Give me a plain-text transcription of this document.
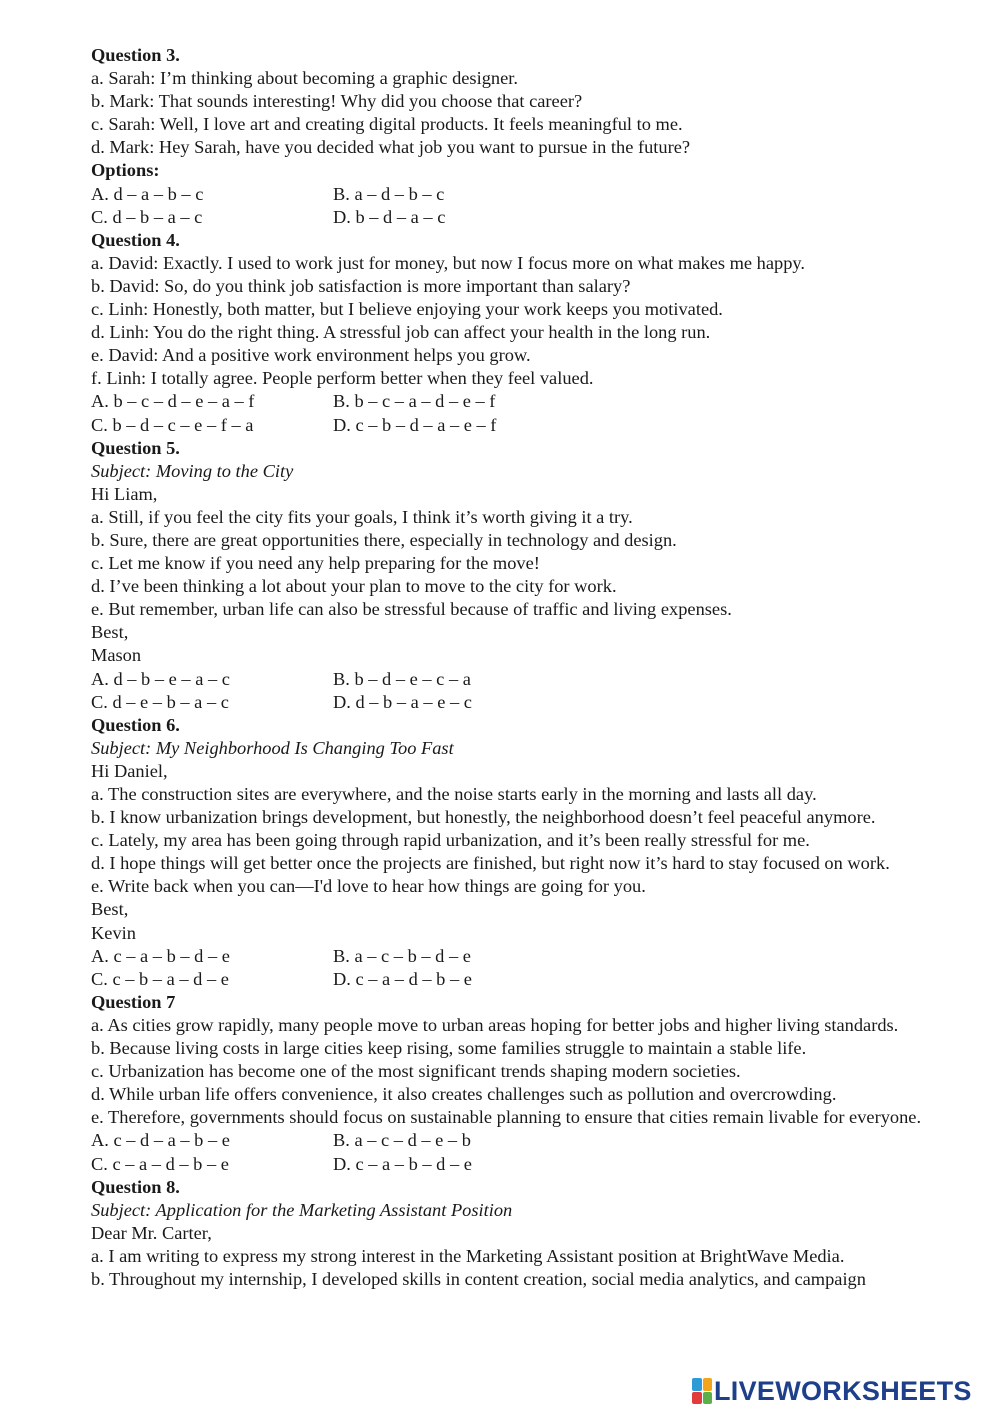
Question 3.
a. Sarah: I’m thinking about becoming a graphic designer.
b. Mark: That sounds interesting! Why did you choose that career?
c. Sarah: Well, I love art and creating digital products. It feels meaningful to me.
d. Mark: Hey Sarah, have you decided what job you want to pursue in the future?
Options:
A. d – a – b – c	B. a – d – b – c
C. d – b – a – c	D. b – d – a – c
Question 4.
a. David: Exactly. I used to work just for money, but now I focus more on what makes me happy.
b. David: So, do you think job satisfaction is more important than salary?
c. Linh: Honestly, both matter, but I believe enjoying your work keeps you motivated.
d. Linh: You do the right thing. A stressful job can affect your health in the long run.
e. David: And a positive work environment helps you grow.
f. Linh: I totally agree. People perform better when they feel valued.
A. b – c – d – e – a – f	B. b – c – a – d – e – f
C. b – d – c – e – f – a	D. c – b – d – a – e – f
Question 5.
Subject: Moving to the City
Hi Liam,
a. Still, if you feel the city fits your goals, I think it’s worth giving it a try.
b. Sure, there are great opportunities there, especially in technology and design.
c. Let me know if you need any help preparing for the move!
d. I’ve been thinking a lot about your plan to move to the city for work.
e. But remember, urban life can also be stressful because of traffic and living expenses.
Best,
Mason
A. d – b – e – a – c	B. b – d – e – c – a
C. d – e – b – a – c	D. d – b – a – e – c
Question 6.
Subject: My Neighborhood Is Changing Too Fast
Hi Daniel,
a. The construction sites are everywhere, and the noise starts early in the morning and lasts all day.
b. I know urbanization brings development, but honestly, the neighborhood doesn’t feel peaceful anymore.
c. Lately, my area has been going through rapid urbanization, and it’s been really stressful for me.
d. I hope things will get better once the projects are finished, but right now it’s hard to stay focused on work.
e. Write back when you can—I'd love to hear how things are going for you.
Best,
Kevin
A. c – a – b – d – e	B. a – c – b – d – e
C. c – b – a – d – e	D. c – a – d – b – e
Question 7
a. As cities grow rapidly, many people move to urban areas hoping for better jobs and higher living standards.
b. Because living costs in large cities keep rising, some families struggle to maintain a stable life.
c. Urbanization has become one of the most significant trends shaping modern societies.
d. While urban life offers convenience, it also creates challenges such as pollution and overcrowding.
e. Therefore, governments should focus on sustainable planning to ensure that cities remain livable for everyone.
A. c – d – a – b – e	B. a – c – d – e – b
C. c – a – d – b – e	D. c – a – b – d – e
Question 8.
Subject: Application for the Marketing Assistant Position
Dear Mr. Carter,
a. I am writing to express my strong interest in the Marketing Assistant position at BrightWave Media.
b. Throughout my internship, I developed skills in content creation, social media analytics, and campaign
LIVEWORKSHEETS
